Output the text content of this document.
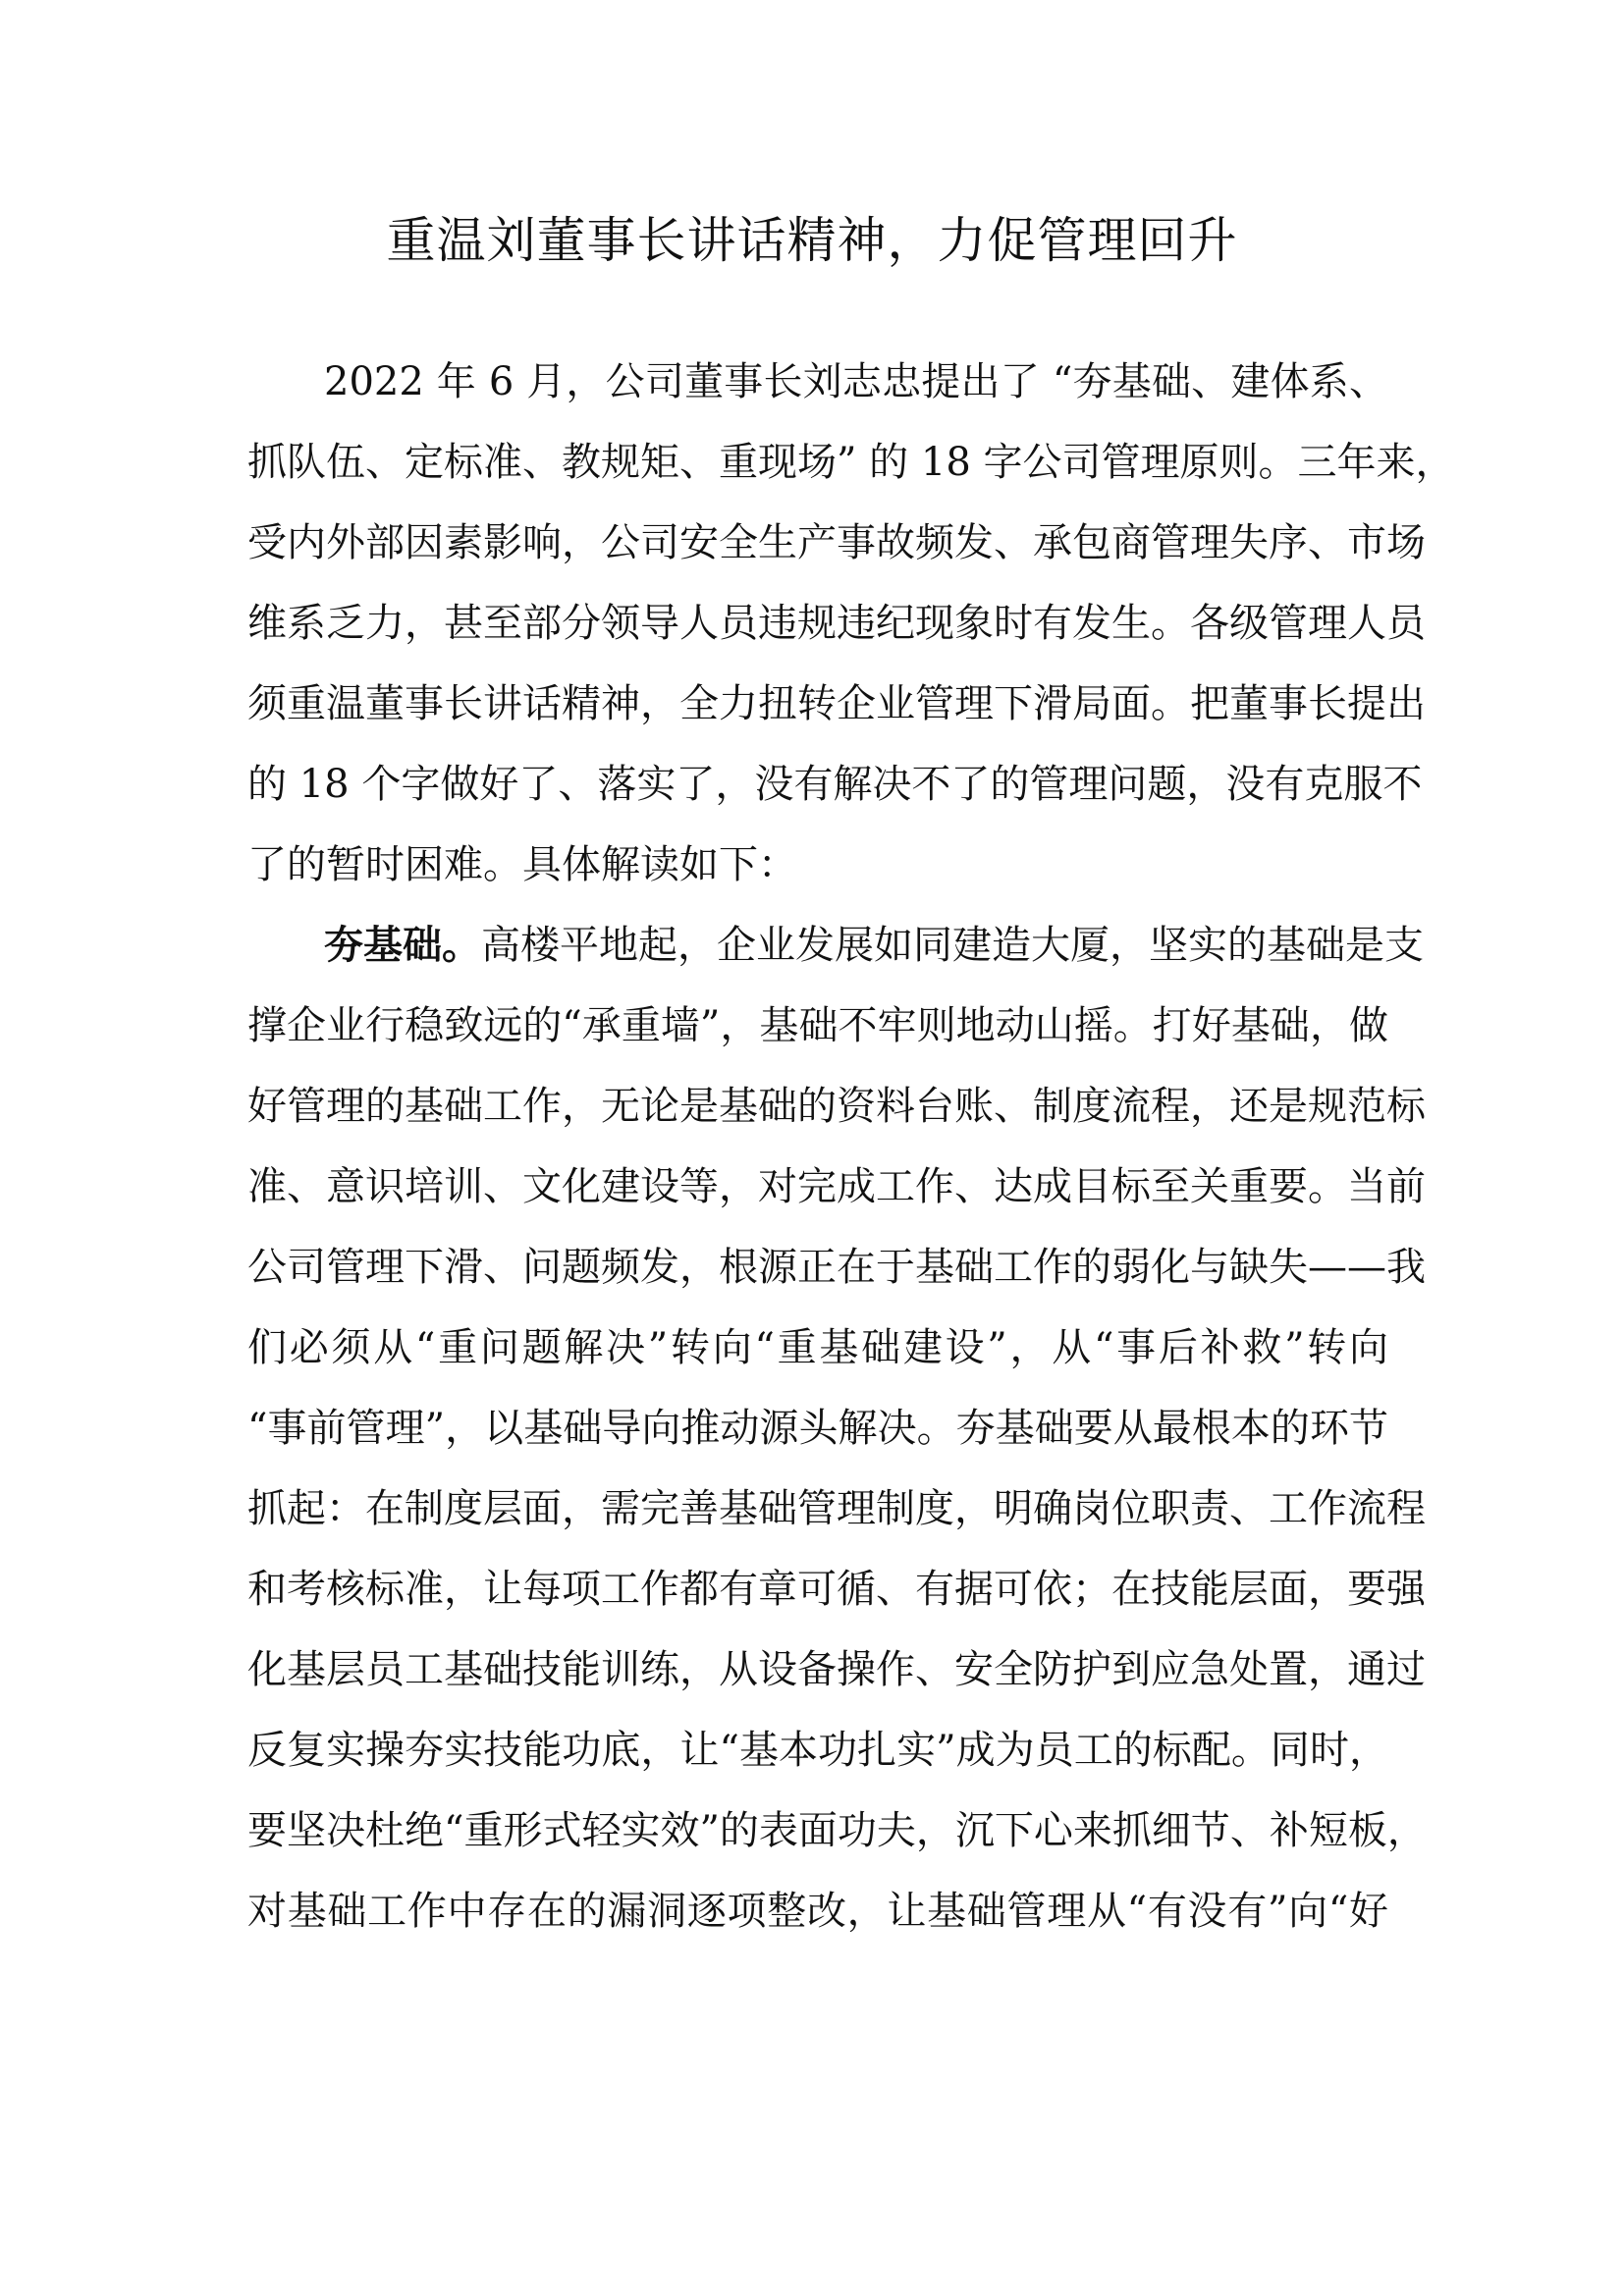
重温刘董事长讲话精神，力促管理回升
2022 年 6 月，公司董事长刘志忠提出了 “夯基础、建体系、
抓队伍、定标准、教规矩、重现场” 的 18 字公司管理原则。三年来，
受内外部因素影响，公司安全生产事故频发、承包商管理失序、市场
维系乏力，甚至部分领导人员违规违纪现象时有发生。各级管理人员
须重温董事长讲话精神，全力扭转企业管理下滑局面。把董事长提出
的 18 个字做好了、落实了，没有解决不了的管理问题，没有克服不
了的暂时困难。具体解读如下：
夯基础。高楼平地起，企业发展如同建造大厦，坚实的基础是支
撑企业行稳致远的“承重墙”，基础不牢则地动山摇。打好基础，做
好管理的基础工作，无论是基础的资料台账、制度流程，还是规范标
准、意识培训、文化建设等，对完成工作、达成目标至关重要。当前
公司管理下滑、问题频发，根源正在于基础工作的弱化与缺失——我
们必须从“重问题解决”转向“重基础建设”，从“事后补救”转向
“事前管理”，以基础导向推动源头解决。夯基础要从最根本的环节
抓起：在制度层面，需完善基础管理制度，明确岗位职责、工作流程
和考核标准，让每项工作都有章可循、有据可依；在技能层面，要强
化基层员工基础技能训练，从设备操作、安全防护到应急处置，通过
反复实操夯实技能功底，让“基本功扎实”成为员工的标配。同时，
要坚决杜绝“重形式轻实效”的表面功夫，沉下心来抓细节、补短板，
对基础工作中存在的漏洞逐项整改，让基础管理从“有没有”向“好
